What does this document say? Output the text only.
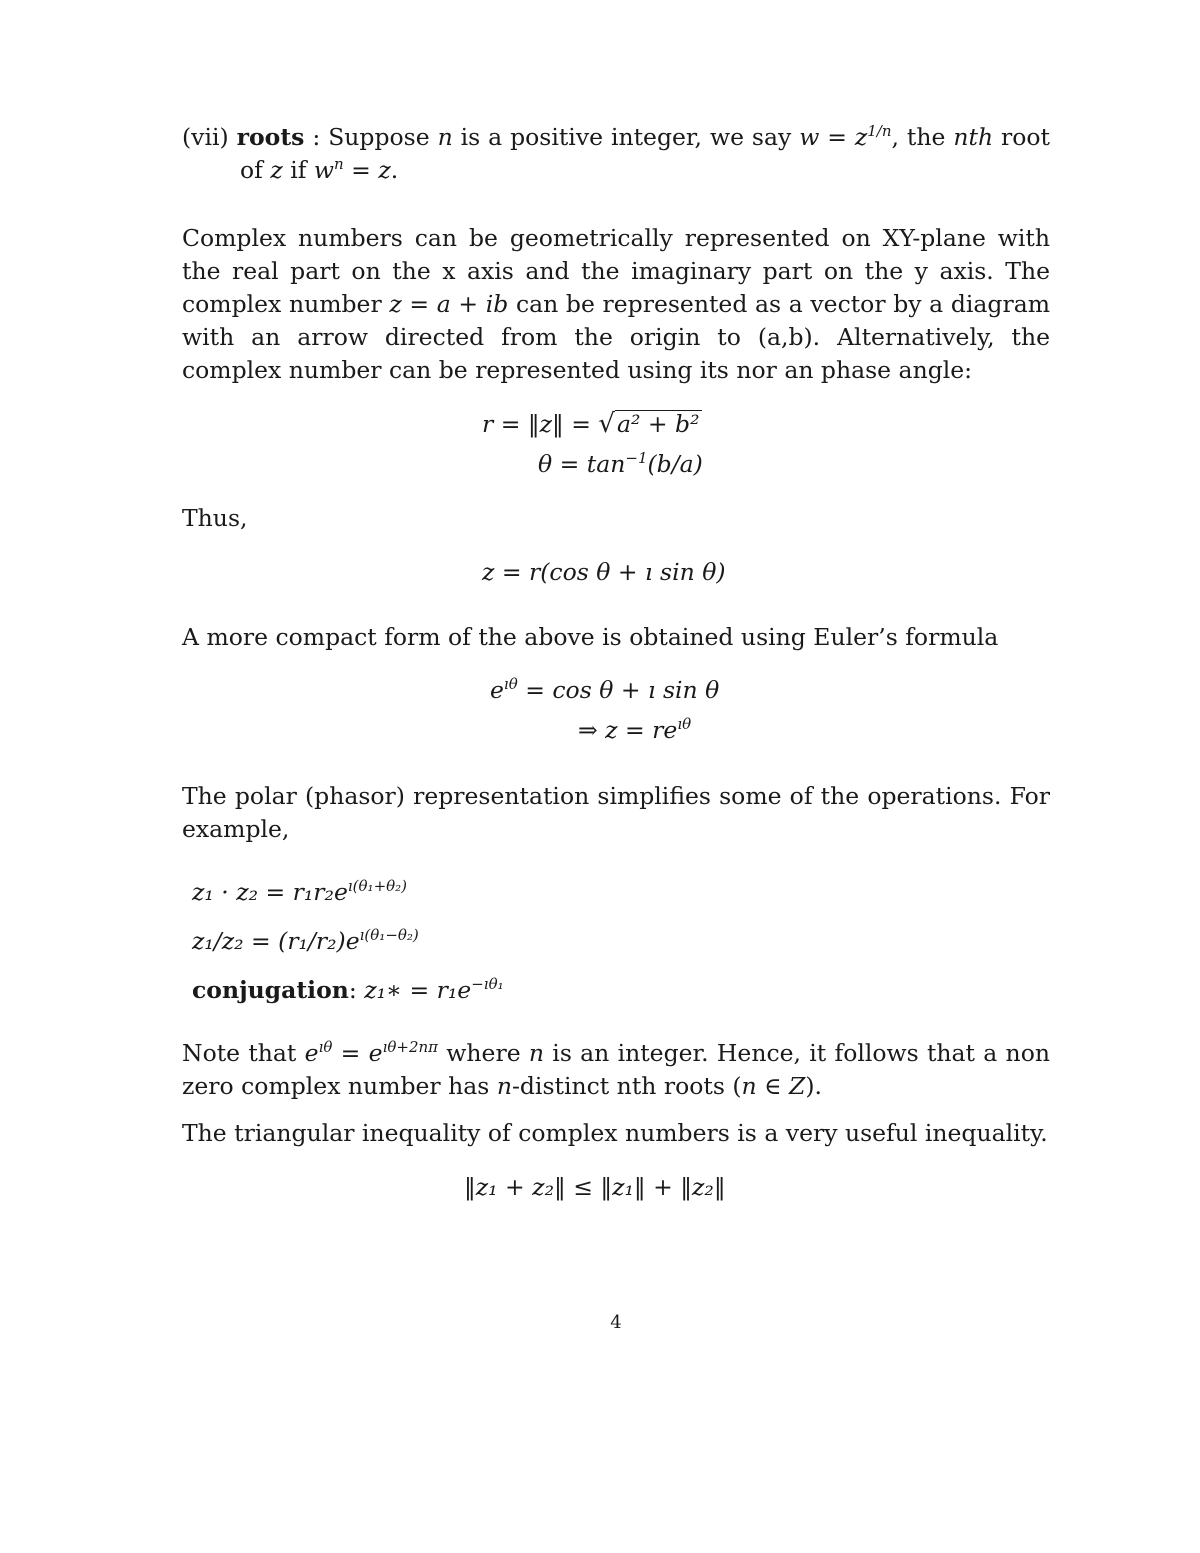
(vii) roots : Suppose n is a positive integer, we say $w = z^{1/n}$, the nth root of z if $w^n = z$.
Complex numbers can be geometrically represented on XY-plane with the real part on the x axis and the imaginary part on the y axis. The complex number z = a + ib can be represented as a vector by a diagram with an arrow directed from the origin to (a,b). Alternatively, the complex number can be represented using its nor an phase angle:
r = ‖z‖ = √a² + b²
$\theta = \tan^{-1}(b/a)$
Thus,
z = r(cos θ + ı sin θ)
A more compact form of the above is obtained using Euler’s formula
$e^{ı\theta} = \cos \theta$ + ı sin θ
⇒ $z = re^{ı\theta}$
The polar (phasor) representation simplifies some of the operations. For example,
$z_1 \cdot z_2 = r_1r_2e^{ı(\theta_1+\theta_2)}$
$z_1/z_2 = (r_1/r_2)e^{ı(\theta_1-\theta_2)}$
conjugation: z₁∗ = $r_1e^{-ı\theta_1}$
Note that $e^{ı\theta} = e^{ı\theta+2n\pi}$ where n is an integer. Hence, it follows that a non zero complex number has n-distinct nth roots (n ∈ Z).
The triangular inequality of complex numbers is a very useful inequality.
‖z₁ + z₂‖ ≤ ‖z₁‖ + ‖z₂‖
4
